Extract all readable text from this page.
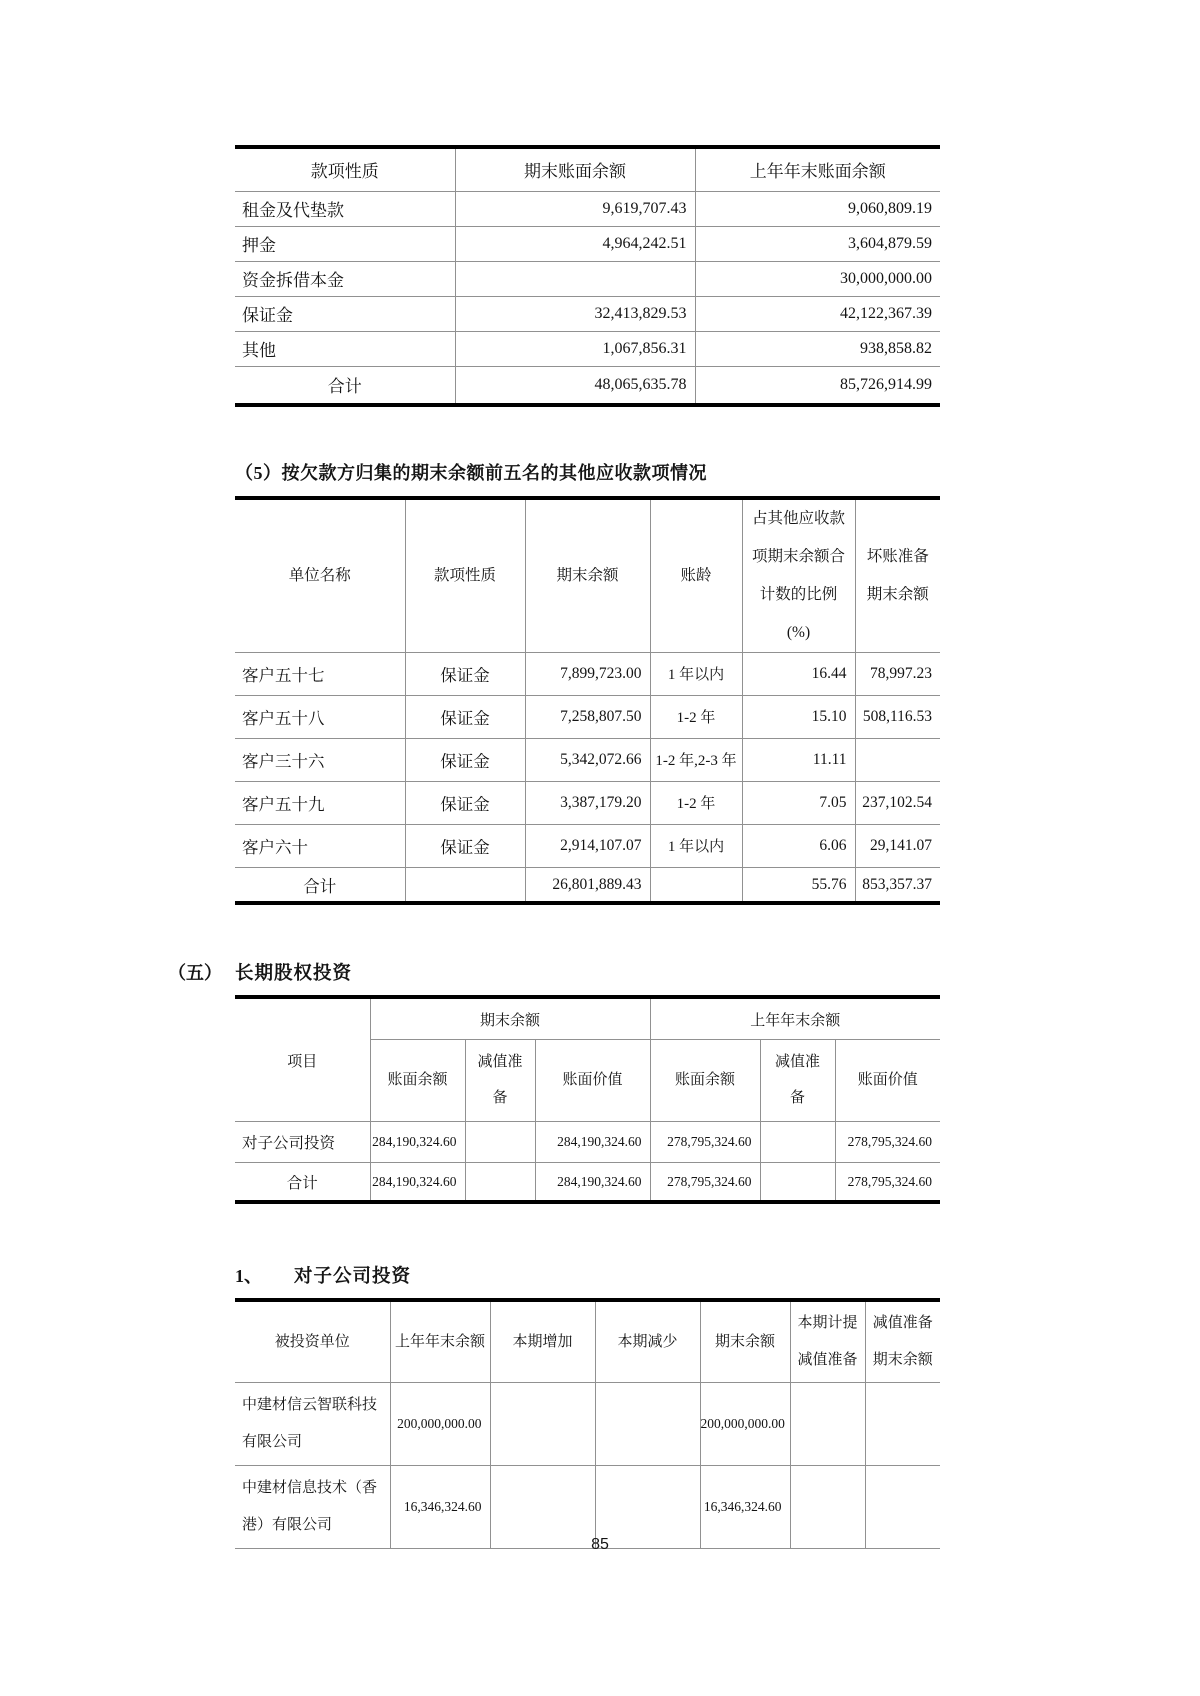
款项性质	期末账面余额	上年年末账面余额
租金及代垫款	9,619,707.43	9,060,809.19
押金	4,964,242.51	3,604,879.59
资金拆借本金		30,000,000.00
保证金	32,413,829.53	42,122,367.39
其他	1,067,856.31	938,858.82
合计	48,065,635.78	85,726,914.99
（5）按欠款方归集的期末余额前五名的其他应收款项情况
单位名称	款项性质	期末余额	账龄	占其他应收款项期末余额合计数的比例(%)	坏账准备期末余额
客户五十七	保证金	7,899,723.00	1 年以内	16.44	78,997.23
客户五十八	保证金	7,258,807.50	1-2 年	15.10	508,116.53
客户三十六	保证金	5,342,072.66	1-2 年,2-3 年	11.11	
客户五十九	保证金	3,387,179.20	1-2 年	7.05	237,102.54
客户六十	保证金	2,914,107.07	1 年以内	6.06	29,141.07
合计		26,801,889.43		55.76	853,357.37
（五） 长期股权投资
项目	期末余额			上年年末余额		
	账面余额	减值准备	账面价值	账面余额	减值准备	账面价值
对子公司投资	284,190,324.60		284,190,324.60	278,795,324.60		278,795,324.60
合计	284,190,324.60		284,190,324.60	278,795,324.60		278,795,324.60
1、 对子公司投资
被投资单位	上年年末余额	本期增加	本期减少	期末余额	本期计提减值准备	减值准备期末余额
中建材信云智联科技有限公司	200,000,000.00			200,000,000.00		
中建材信息技术（香港）有限公司	16,346,324.60			16,346,324.60		
85
